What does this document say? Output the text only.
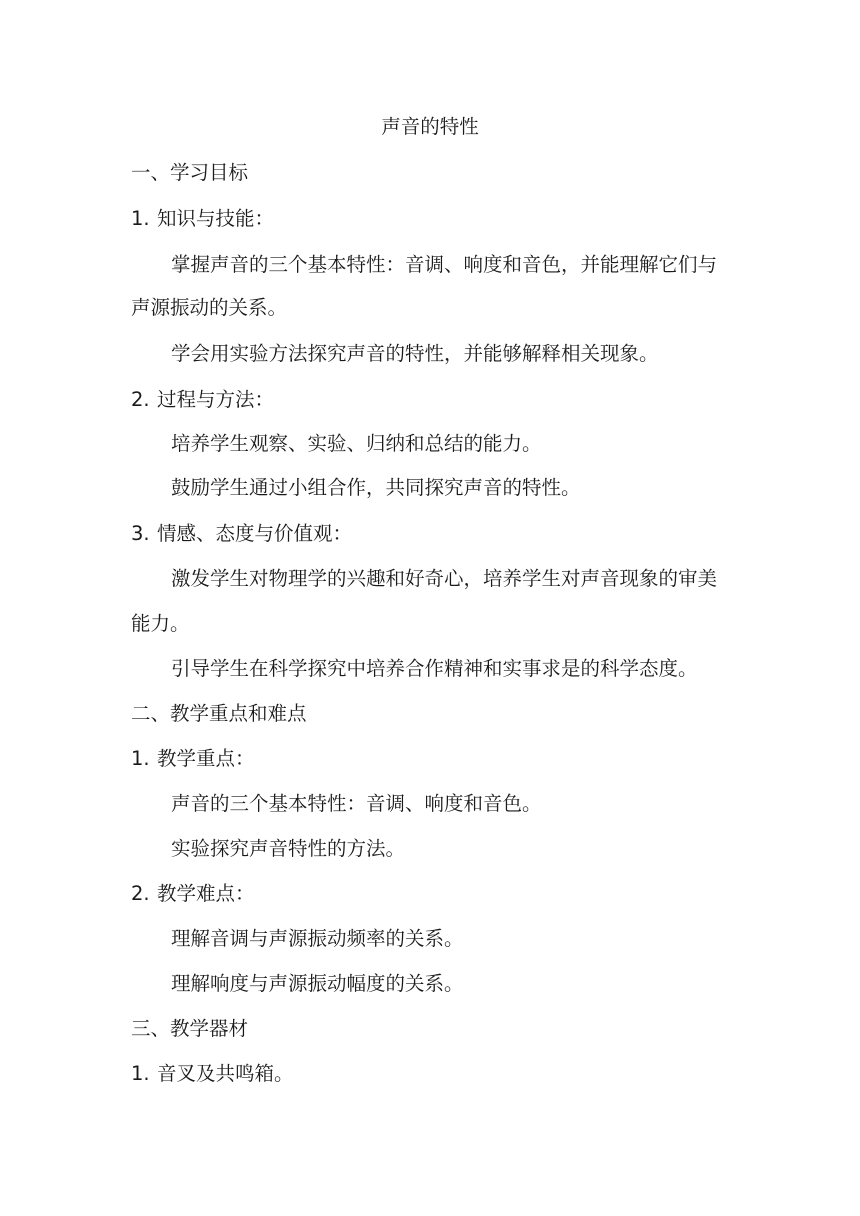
声音的特性
一、学习目标
1. 知识与技能：
掌握声音的三个基本特性：音调、响度和音色，并能理解它们与
声源振动的关系。
学会用实验方法探究声音的特性，并能够解释相关现象。
2. 过程与方法：
培养学生观察、实验、归纳和总结的能力。
鼓励学生通过小组合作，共同探究声音的特性。
3. 情感、态度与价值观：
激发学生对物理学的兴趣和好奇心，培养学生对声音现象的审美
能力。
引导学生在科学探究中培养合作精神和实事求是的科学态度。
二、教学重点和难点
1. 教学重点：
声音的三个基本特性：音调、响度和音色。
实验探究声音特性的方法。
2. 教学难点：
理解音调与声源振动频率的关系。
理解响度与声源振动幅度的关系。
三、教学器材
1. 音叉及共鸣箱。
